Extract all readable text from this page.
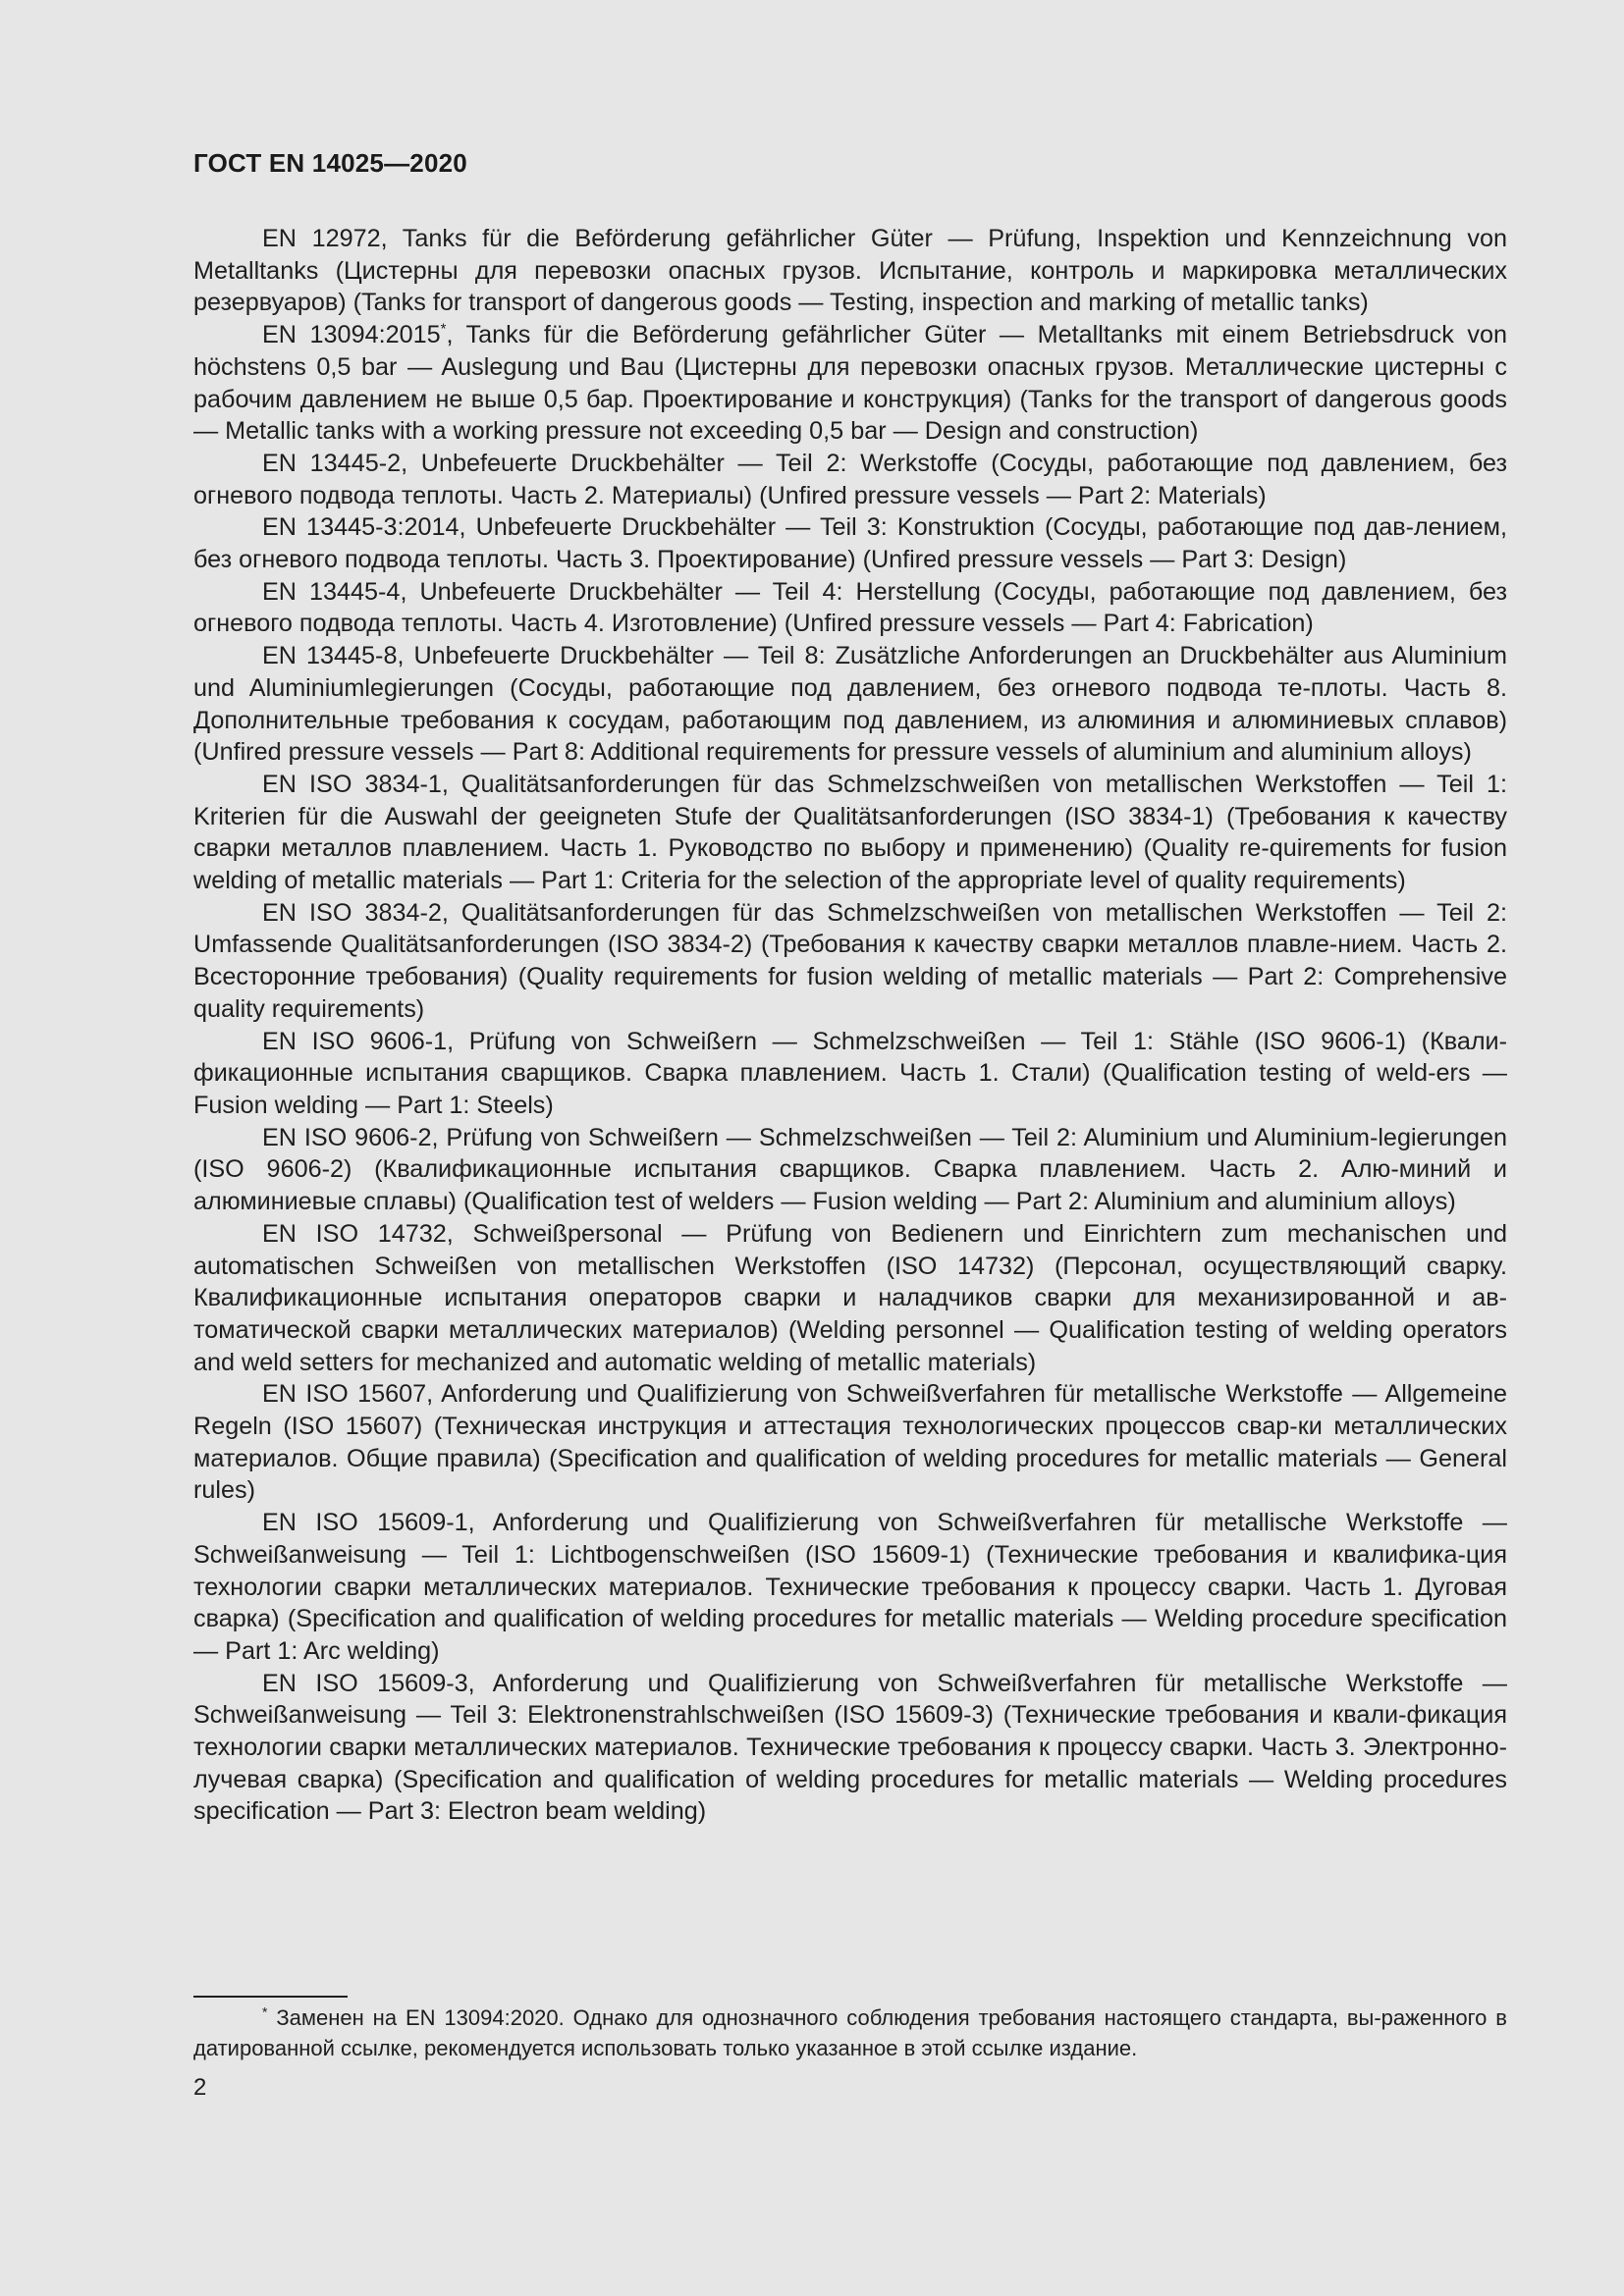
ГОСТ EN 14025—2020

EN 12972, Tanks für die Beförderung gefährlicher Güter — Prüfung, Inspektion und Kennzeichnung von Metalltanks (Цистерны для перевозки опасных грузов. Испытание, контроль и маркировка металлических резервуаров) (Tanks for transport of dangerous goods — Testing, inspection and marking of metallic tanks)

EN 13094:2015*, Tanks für die Beförderung gefährlicher Güter — Metalltanks mit einem Betriebsdruck von höchstens 0,5 bar — Auslegung und Bau (Цистерны для перевозки опасных грузов. Металлические цистерны с рабочим давлением не выше 0,5 бар. Проектирование и конструкция) (Tanks for the transport of dangerous goods — Metallic tanks with a working pressure not exceeding 0,5 bar — Design and construction)

EN 13445-2, Unbefeuerte Druckbehälter — Teil 2: Werkstoffe (Сосуды, работающие под давлением, без огневого подвода теплоты. Часть 2. Материалы) (Unfired pressure vessels — Part 2: Materials)

EN 13445-3:2014, Unbefeuerte Druckbehälter — Teil 3: Konstruktion (Сосуды, работающие под дав-лением, без огневого подвода теплоты. Часть 3. Проектирование) (Unfired pressure vessels — Part 3: Design)

EN 13445-4, Unbefeuerte Druckbehälter — Teil 4: Herstellung (Сосуды, работающие под давлением, без огневого подвода теплоты. Часть 4. Изготовление) (Unfired pressure vessels — Part 4: Fabrication)

EN 13445-8, Unbefeuerte Druckbehälter — Teil 8: Zusätzliche Anforderungen an Druckbehälter aus Aluminium und Aluminiumlegierungen (Сосуды, работающие под давлением, без огневого подвода те-плоты. Часть 8. Дополнительные требования к сосудам, работающим под давлением, из алюминия и алюминиевых сплавов) (Unfired pressure vessels — Part 8: Additional requirements for pressure vessels of aluminium and aluminium alloys)

EN ISO 3834-1, Qualitätsanforderungen für das Schmelzschweißen von metallischen Werkstoffen — Teil 1: Kriterien für die Auswahl der geeigneten Stufe der Qualitätsanforderungen (ISO 3834-1) (Требования к качеству сварки металлов плавлением. Часть 1. Руководство по выбору и применению) (Quality re-quirements for fusion welding of metallic materials — Part 1: Criteria for the selection of the appropriate level of quality requirements)

EN ISO 3834-2, Qualitätsanforderungen für das Schmelzschweißen von metallischen Werkstoffen — Teil 2: Umfassende Qualitätsanforderungen (ISO 3834-2) (Требования к качеству сварки металлов плавле-нием. Часть 2. Всесторонние требования) (Quality requirements for fusion welding of metallic materials — Part 2: Comprehensive quality requirements)

EN ISO 9606-1, Prüfung von Schweißern — Schmelzschweißen — Teil 1: Stähle (ISO 9606-1) (Квали-фикационные испытания сварщиков. Сварка плавлением. Часть 1. Стали) (Qualification testing of weld-ers — Fusion welding — Part 1: Steels)

EN ISO 9606-2, Prüfung von Schweißern — Schmelzschweißen — Teil 2: Aluminium und Aluminium-legierungen (ISO 9606-2) (Квалификационные испытания сварщиков. Сварка плавлением. Часть 2. Алю-миний и алюминиевые сплавы) (Qualification test of welders — Fusion welding — Part 2: Aluminium and aluminium alloys)

EN ISO 14732, Schweißpersonal — Prüfung von Bedienern und Einrichtern zum mechanischen und automatischen Schweißen von metallischen Werkstoffen (ISO 14732) (Персонал, осуществляющий сварку. Квалификационные испытания операторов сварки и наладчиков сварки для механизированной и ав-томатической сварки металлических материалов) (Welding personnel — Qualification testing of welding operators and weld setters for mechanized and automatic welding of metallic materials)

EN ISO 15607, Anforderung und Qualifizierung von Schweißverfahren für metallische Werkstoffe — Allgemeine Regeln (ISO 15607) (Техническая инструкция и аттестация технологических процессов свар-ки металлических материалов. Общие правила) (Specification and qualification of welding procedures for metallic materials — General rules)

EN ISO 15609-1, Anforderung und Qualifizierung von Schweißverfahren für metallische Werkstoffe — Schweißanweisung — Teil 1: Lichtbogenschweißen (ISO 15609-1) (Технические требования и квалифика-ция технологии сварки металлических материалов. Технические требования к процессу сварки. Часть 1. Дуговая сварка) (Specification and qualification of welding procedures for metallic materials — Welding procedure specification — Part 1: Arc welding)

EN ISO 15609-3, Anforderung und Qualifizierung von Schweißverfahren für metallische Werkstoffe — Schweißanweisung — Teil 3: Elektronenstrahlschweißen (ISO 15609-3) (Технические требования и квали-фикация технологии сварки металлических материалов. Технические требования к процессу сварки. Часть 3. Электронно-лучевая сварка) (Specification and qualification of welding procedures for metallic materials — Welding procedures specification — Part 3: Electron beam welding)

* Заменен на EN 13094:2020. Однако для однозначного соблюдения требования настоящего стандарта, вы-раженного в датированной ссылке, рекомендуется использовать только указанное в этой ссылке издание.
2
